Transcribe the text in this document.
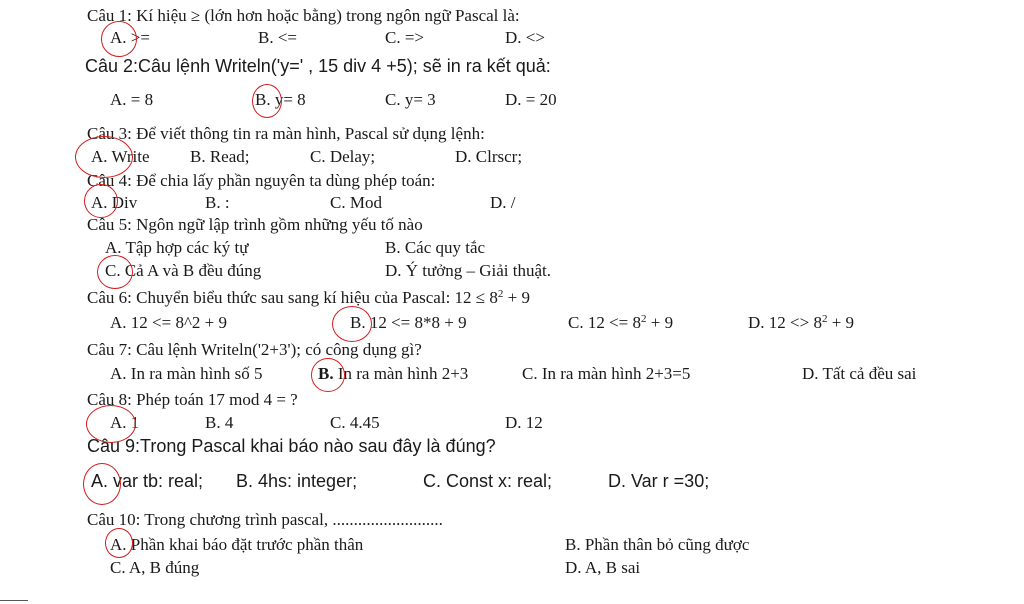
Câu 1: Kí hiệu ≥ (lớn hơn hoặc bằng) trong ngôn ngữ Pascal là:
A. >=	B. <=	C. =>	D. <>
Câu 2:Câu lệnh Writeln('y=' , 15 div 4 +5); sẽ in ra kết quả:
A. = 8	B. y= 8	C. y= 3	D. = 20
Câu 3: Để viết thông tin ra màn hình, Pascal sử dụng lệnh:
A. Write B. Read;	C. Delay;	D. Clrscr;
Câu 4: Để chia lấy phần nguyên ta dùng phép toán:
A. Div	B. :	C. Mod	D. /
Câu 5: Ngôn ngữ lập trình gồm những yếu tố nào
A. Tập hợp các ký tự	B. Các quy tắc
C. Cả A và B đều đúng	D. Ý tưởng – Giải thuật.
Câu 6: Chuyển biểu thức sau sang kí hiệu của Pascal: $12 \le 8^2 + 9$
A. 12 <= 8^2 + 9	B. 12 <= 8*8 + 9	C. $12 <= 8^2 + 9$	D. $12 <> 8^2 + 9$
Câu 7: Câu lệnh Writeln('2+3'); có công dụng gì?
A. In ra màn hình số 5	B. In ra màn hình 2+3	C. In ra màn hình 2+3=5	D. Tất cả đều sai
Câu 8: Phép toán 17 mod 4 = ?
A. 1	B. 4	C. 4.45	D. 12
Câu 9:Trong Pascal khai báo nào sau đây là đúng?
A. var tb: real; B. 4hs: integer;	C. Const x: real;	D. Var r =30;
Câu 10: Trong chương trình pascal, ..........................
A. Phần khai báo đặt trước phần thân	B. Phần thân bỏ cũng được
C. A, B đúng	D. A, B sai
